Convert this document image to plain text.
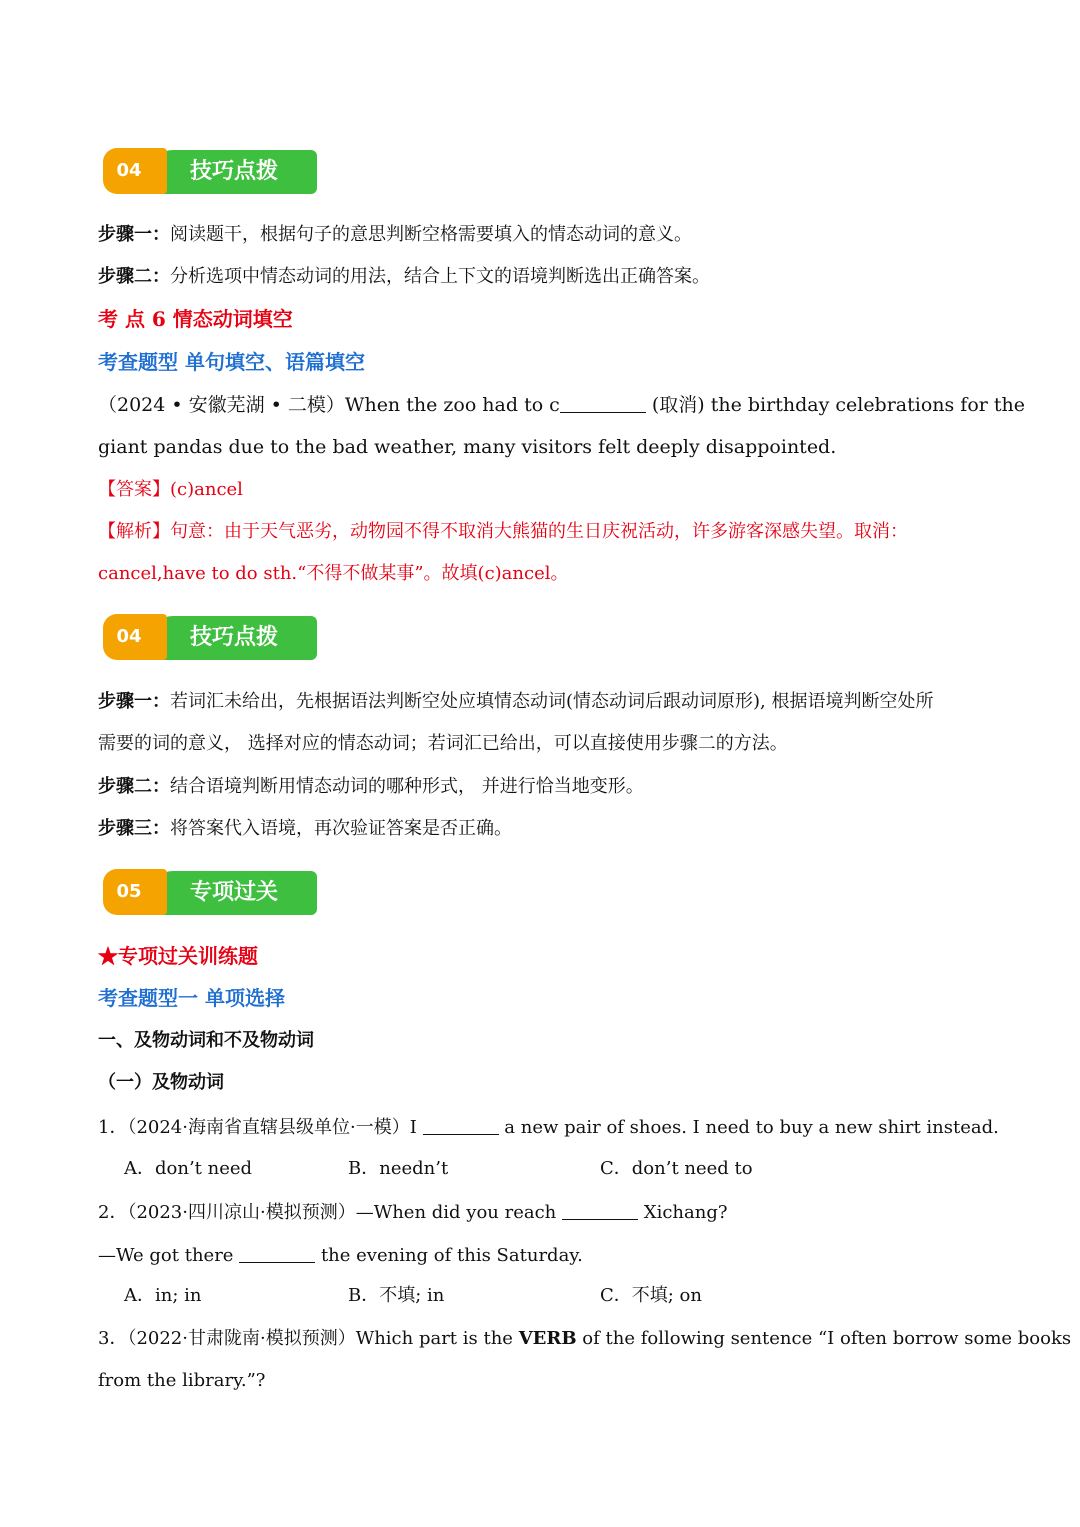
技巧点拨
04
步骤一：阅读题干，根据句子的意思判断空格需要填入的情态动词的意义。
步骤二：分析选项中情态动词的用法，结合上下文的语境判断选出正确答案。
考 点 6 情态动词填空
考查题型 单句填空、语篇填空
（2024 • 安徽芜湖 • 二模）When the zoo had to c	(取消) the birthday celebrations for the
giant pandas due to the bad weather, many visitors felt deeply disappointed.
【答案】(c)ancel
【解析】句意：由于天气恶劣，动物园不得不取消大熊猫的生日庆祝活动，许多游客深感失望。取消：
cancel,have to do sth.“不得不做某事”。故填(c)ancel。
技巧点拨
04
步骤一：若词汇未给出，先根据语法判断空处应填情态动词(情态动词后跟动词原形), 根据语境判断空处所
需要的词的意义， 选择对应的情态动词；若词汇已给出，可以直接使用步骤二的方法。
步骤二：结合语境判断用情态动词的哪种形式， 并进行恰当地变形。
步骤三：将答案代入语境，再次验证答案是否正确。
专项过关
05
★专项过关训练题
考查题型一 单项选择
一、及物动词和不及物动词
（一）及物动词
1．（2024·海南省直辖县级单位·一模）I	a new pair of shoes. I need to buy a new shirt instead.
A．don’t need	B．needn’t	C．don’t need to
2．（2023·四川凉山·模拟预测）—When did you reach	Xichang?
—We got there	the evening of this Saturday.
A．in; in	B．不填; in	C．不填; on
3．（2022·甘肃陇南·模拟预测）Which part is the VERB of the following sentence “I often borrow some books
from the library.”?
